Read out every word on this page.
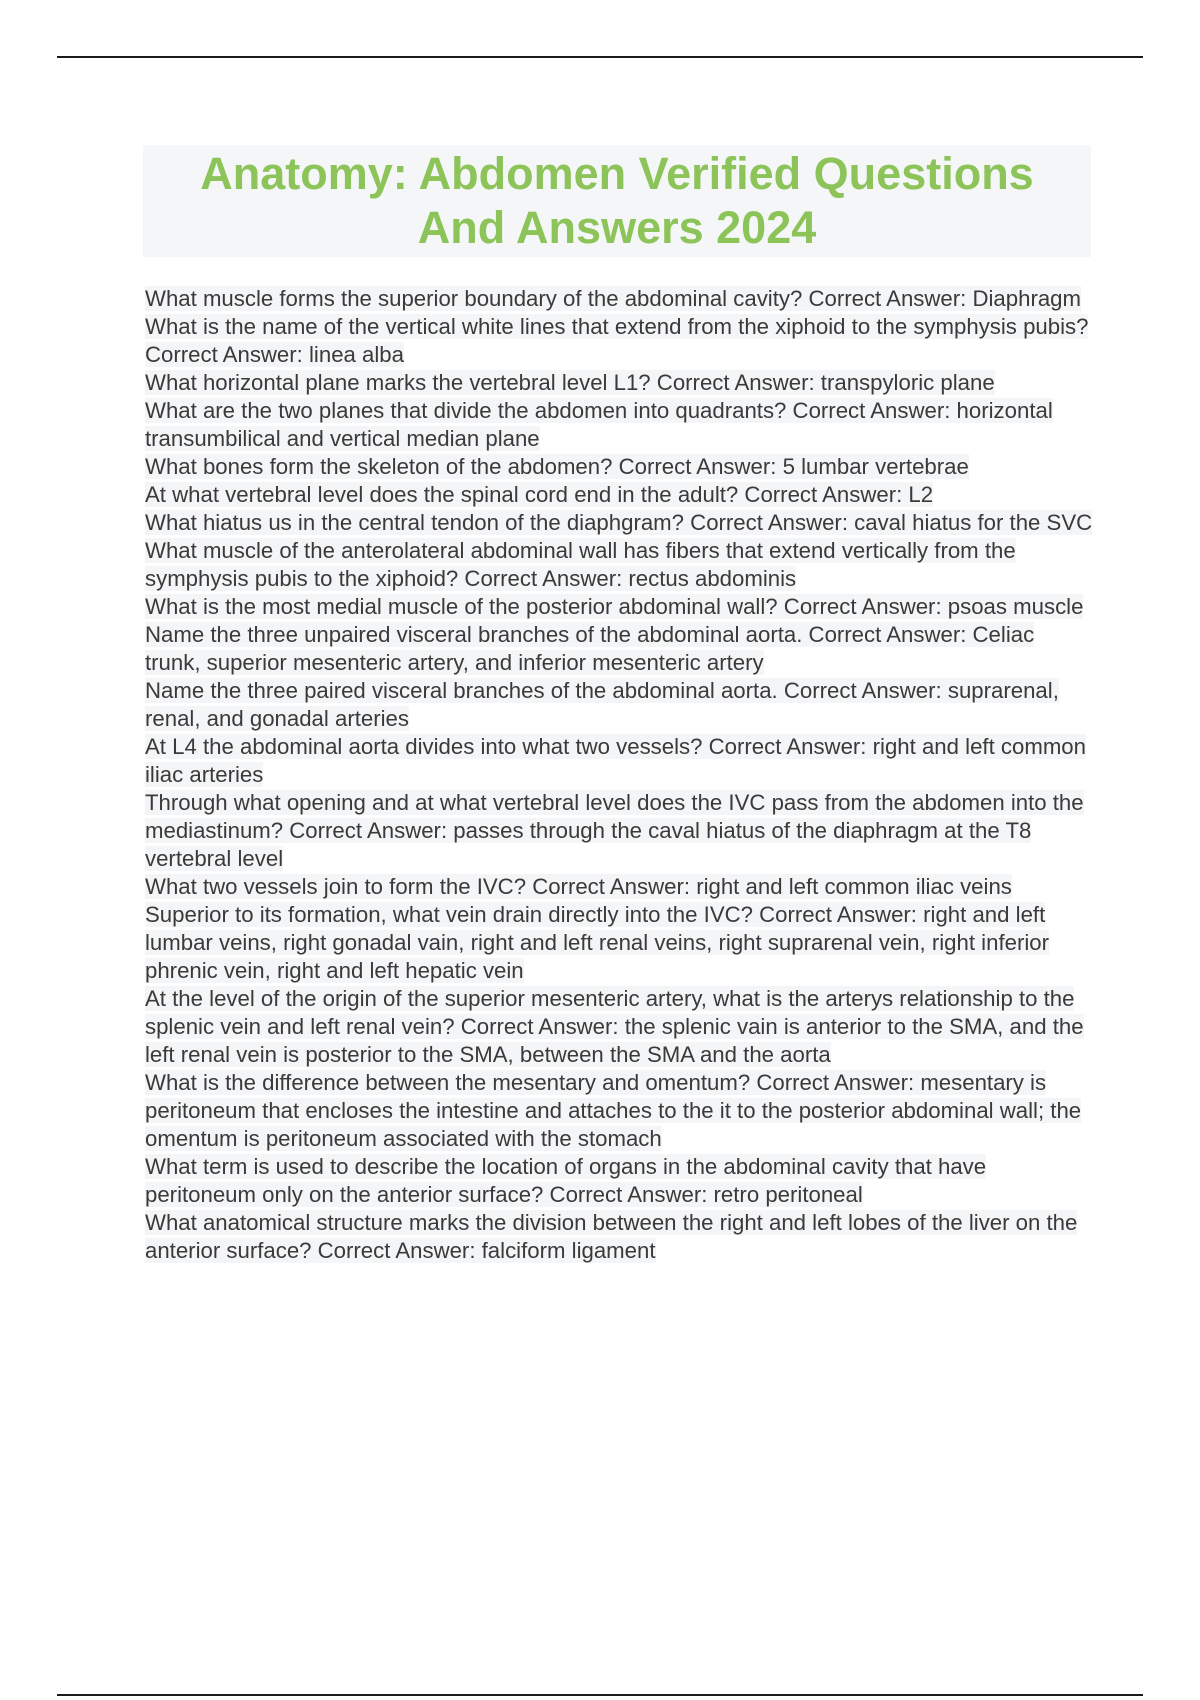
Anatomy: Abdomen Verified Questions
And Answers 2024

What muscle forms the superior boundary of the abdominal cavity? Correct Answer: Diaphragm

What is the name of the vertical white lines that extend from the xiphoid to the symphysis pubis? Correct Answer: linea alba

What horizontal plane marks the vertebral level L1? Correct Answer: transpyloric plane

What are the two planes that divide the abdomen into quadrants? Correct Answer: horizontal transumbilical and vertical median plane

What bones form the skeleton of the abdomen? Correct Answer: 5 lumbar vertebrae

At what vertebral level does the spinal cord end in the adult? Correct Answer: L2

What hiatus us in the central tendon of the diaphgram? Correct Answer: caval hiatus for the SVC

What muscle of the anterolateral abdominal wall has fibers that extend vertically from the symphysis pubis to the xiphoid? Correct Answer: rectus abdominis

What is the most medial muscle of the posterior abdominal wall? Correct Answer: psoas muscle

Name the three unpaired visceral branches of the abdominal aorta. Correct Answer: Celiac trunk, superior mesenteric artery, and inferior mesenteric artery

Name the three paired visceral branches of the abdominal aorta. Correct Answer: suprarenal, renal, and gonadal arteries

At L4 the abdominal aorta divides into what two vessels? Correct Answer: right and left common iliac arteries

Through what opening and at what vertebral level does the IVC pass from the abdomen into the mediastinum? Correct Answer: passes through the caval hiatus of the diaphragm at the T8 vertebral level

What two vessels join to form the IVC? Correct Answer: right and left common iliac veins

Superior to its formation, what vein drain directly into the IVC? Correct Answer: right and left lumbar veins, right gonadal vain, right and left renal veins, right suprarenal vein, right inferior phrenic vein, right and left hepatic vein

At the level of the origin of the superior mesenteric artery, what is the arterys relationship to the splenic vein and left renal vein? Correct Answer: the splenic vain is anterior to the SMA, and the left renal vein is posterior to the SMA, between the SMA and the aorta

What is the difference between the mesentary and omentum? Correct Answer: mesentary is peritoneum that encloses the intestine and attaches to the it to the posterior abdominal wall; the omentum is peritoneum associated with the stomach

What term is used to describe the location of organs in the abdominal cavity that have peritoneum only on the anterior surface? Correct Answer: retro peritoneal

What anatomical structure marks the division between the right and left lobes of the liver on the anterior surface? Correct Answer: falciform ligament
